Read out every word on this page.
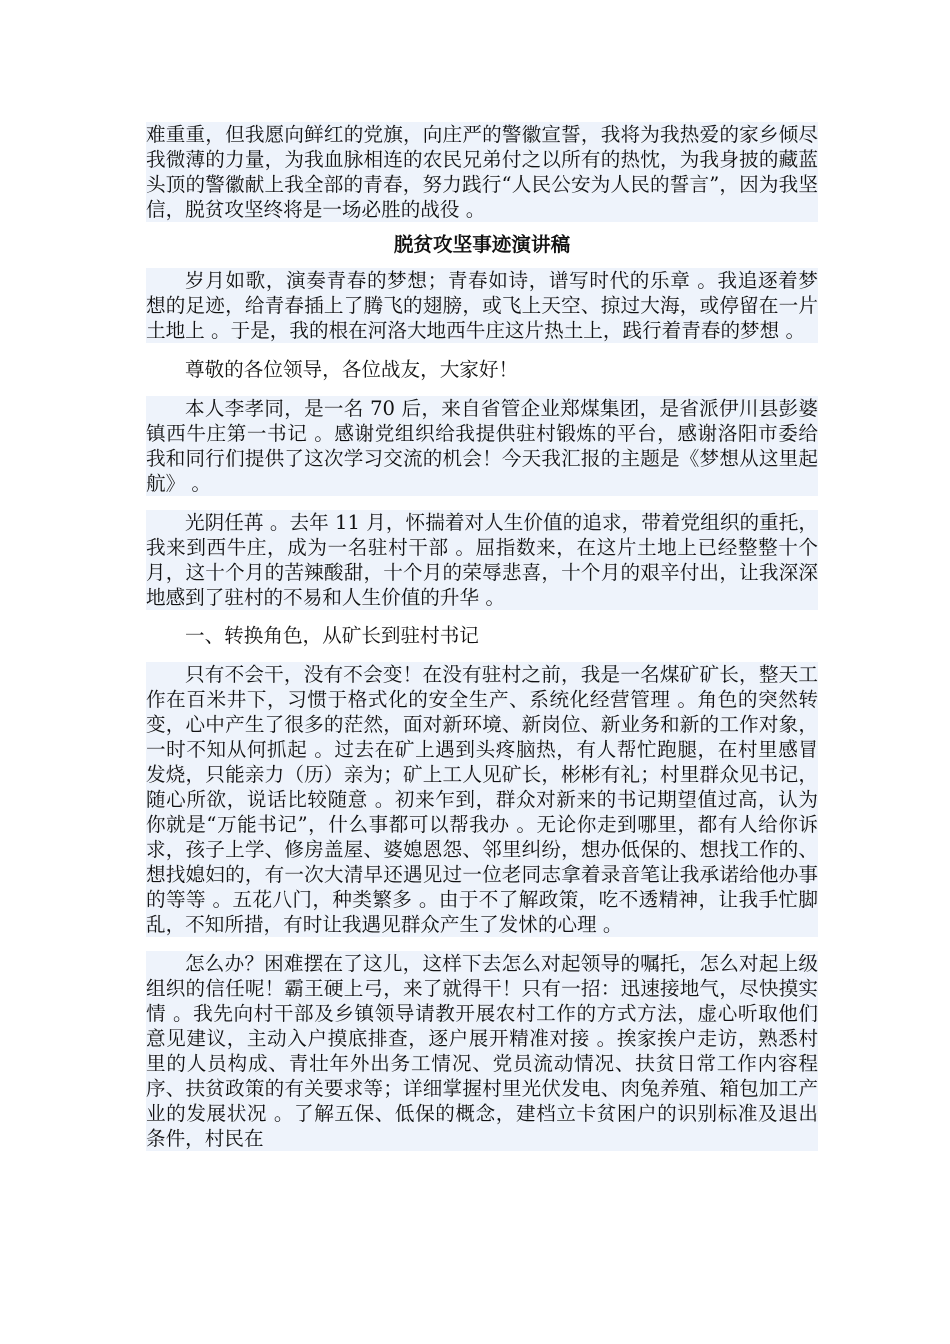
难重重，但我愿向鲜红的党旗，向庄严的警徽宣誓，我将为我热爱的家乡倾尽我微薄的力量，为我血脉相连的农民兄弟付之以所有的热忱，为我身披的藏蓝头顶的警徽献上我全部的青春，努力践行“人民公安为人民的誓言”，因为我坚信，脱贫攻坚终将是一场必胜的战役 。

脱贫攻坚事迹演讲稿

岁月如歌，演奏青春的梦想；青春如诗，谱写时代的乐章 。我追逐着梦想的足迹，给青春插上了腾飞的翅膀，或飞上天空、掠过大海，或停留在一片土地上 。于是，我的根在河洛大地西牛庄这片热土上，践行着青春的梦想 。

尊敬的各位领导，各位战友，大家好！

本人李孝同，是一名 70 后，来自省管企业郑煤集团，是省派伊川县彭婆镇西牛庄第一书记 。感谢党组织给我提供驻村锻炼的平台，感谢洛阳市委给我和同行们提供了这次学习交流的机会！今天我汇报的主题是《梦想从这里起航》 。

光阴任苒 。去年 11 月，怀揣着对人生价值的追求，带着党组织的重托，我来到西牛庄，成为一名驻村干部 。屈指数来，在这片土地上已经整整十个月，这十个月的苦辣酸甜，十个月的荣辱悲喜，十个月的艰辛付出，让我深深地感到了驻村的不易和人生价值的升华 。

一、转换角色，从矿长到驻村书记

只有不会干，没有不会变！在没有驻村之前，我是一名煤矿矿长，整天工作在百米井下，习惯于格式化的安全生产、系统化经营管理 。角色的突然转变，心中产生了很多的茫然，面对新环境、新岗位、新业务和新的工作对象，一时不知从何抓起 。过去在矿上遇到头疼脑热，有人帮忙跑腿，在村里感冒发烧，只能亲力（历）亲为；矿上工人见矿长，彬彬有礼；村里群众见书记，随心所欲，说话比较随意 。初来乍到，群众对新来的书记期望值过高，认为你就是“万能书记”，什么事都可以帮我办 。无论你走到哪里，都有人给你诉求，孩子上学、修房盖屋、婆媳恩怨、邻里纠纷，想办低保的、想找工作的、想找媳妇的，有一次大清早还遇见过一位老同志拿着录音笔让我承诺给他办事的等等 。五花八门，种类繁多 。由于不了解政策，吃不透精神，让我手忙脚乱，不知所措，有时让我遇见群众产生了发怵的心理 。

怎么办？困难摆在了这儿，这样下去怎么对起领导的嘱托，怎么对起上级组织的信任呢！霸王硬上弓，来了就得干！只有一招：迅速接地气，尽快摸实情 。我先向村干部及乡镇领导请教开展农村工作的方式方法，虚心听取他们意见建议，主动入户摸底排查，逐户展开精准对接 。挨家挨户走访，熟悉村里的人员构成、青壮年外出务工情况、党员流动情况、扶贫日常工作内容程序、扶贫政策的有关要求等；详细掌握村里光伏发电、肉兔养殖、箱包加工产业的发展状况 。了解五保、低保的概念，建档立卡贫困户的识别标准及退出条件，村民在
